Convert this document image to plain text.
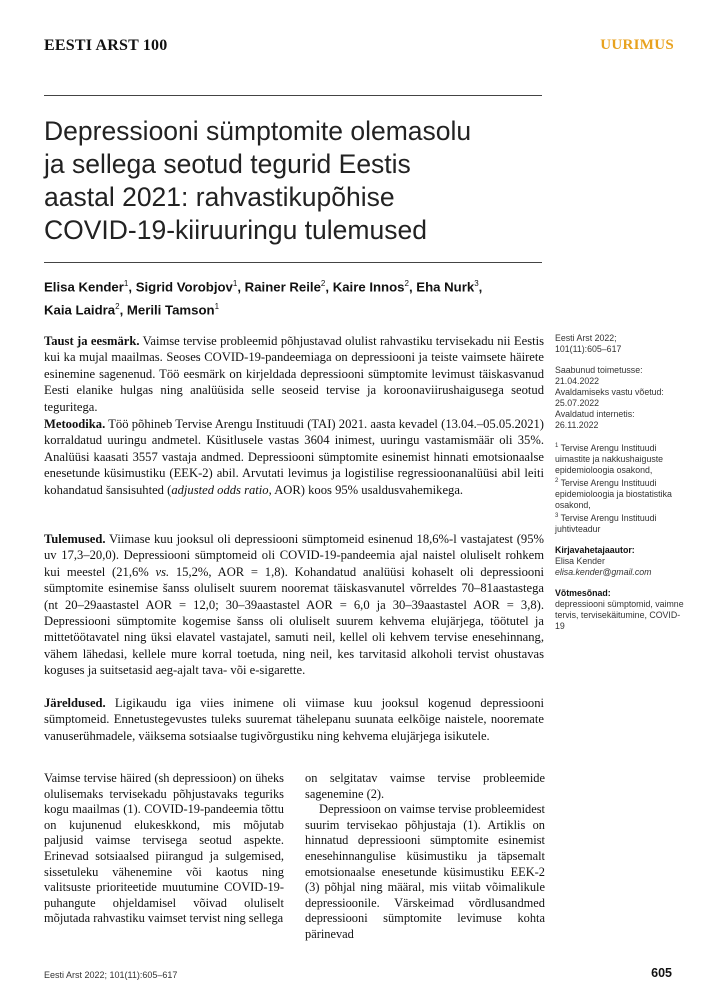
EESTI ARST 100	UURIMUS
Depressiooni sümptomite olemasolu
ja sellega seotud tegurid Eestis
aastal 2021: rahvastikupõhise
COVID-19-kiiruuringu tulemused
Elisa Kender$^1$, Sigrid Vorobjov$^1$, Rainer Reile$^2$, Kaire Innos$^2$, Eha Nurk$^3$,
Kaia Laidra$^2$, Merili Tamson$^1$
Taust ja eesmärk. Vaimse tervise probleemid põhjustavad olulist rahvastiku tervisekadu nii Eestis kui ka mujal maailmas. Seoses COVID-19-pandeemiaga on depressiooni ja teiste vaimsete häirete esinemine sagenenud. Töö eesmärk on kirjeldada depressiooni sümptomite levimust täiskasvanud Eesti elanike hulgas ning analüüsida selle seoseid tervise ja koroonaviirushaigusega seotud teguritega.
Metoodika. Töö põhineb Tervise Arengu Instituudi (TAI) 2021. aasta kevadel (13.04.–05.05.2021) korraldatud uuringu andmetel. Küsitlusele vastas 3604 inimest, uuringu vastamismäär oli 35%. Analüüsi kaasati 3557 vastaja andmed. Depressiooni sümptomite esinemist hinnati emotsionaalse enesetunde küsimustiku (EEK-2) abil. Arvutati levimus ja logistilise regressioonanalüüsi abil leiti kohandatud šansisuhted (adjusted odds ratio, AOR) koos 95% usaldusvahemikega.
Tulemused. Viimase kuu jooksul oli depressiooni sümptomeid esinenud 18,6%-l vastajatest (95% uv 17,3–20,0). Depressiooni sümptomeid oli COVID-19-pandeemia ajal naistel oluliselt rohkem kui meestel (21,6% vs. 15,2%, AOR = 1,8). Kohandatud analüüsi kohaselt oli depressiooni sümptomite esinemise šanss oluliselt suurem nooremat täiskasvanutel võrreldes 70–81aastastega (nt 20–29aastastel AOR = 12,0; 30–39aastastel AOR = 6,0 ja 30–39aastastel AOR = 3,8). Depressiooni sümptomite kogemise šanss oli oluliselt suurem kehvema elujärjega, töötutel ja mittetöötavatel ning üksi elavatel vastajatel, samuti neil, kellel oli kehvem tervise enesehinnang, vähem lähedasi, kellele mure korral toetuda, ning neil, kes tarvitasid alkoholi tervist ohustavas koguses ja suitsetasid aeg-ajalt tava- või e-sigarette.
Järeldused. Ligikaudu iga viies inimene oli viimase kuu jooksul kogenud depressiooni sümptomeid. Ennetustegevustes tuleks suuremat tähelepanu suunata eelkõige naistele, nooremate vanuserühmadele, väiksema sotsiaalse tugivõrgustiku ning kehvema elujärjega isikutele.
Vaimse tervise häired (sh depressioon) on üheks olulisemaks tervisekadu põhjustavaks teguriks kogu maailmas (1). COVID-19-pandeemia tõttu on kujunenud elukeskkond, mis mõjutab paljusid vaimse tervisega seotud aspekte. Erinevad sotsiaalsed piirangud ja sulgemised, sissetuleku vähenemine või kaotus ning valitsuste prioriteetide muutumine COVID-19-puhangute ohjeldamisel võivad oluliselt mõjutada rahvastiku vaimset tervist ning sellega

on selgitatav vaimse tervise probleemide sagenemine (2).

Depressioon on vaimse tervise probleemidest suurim tervisekao põhjustaja (1). Artiklis on hinnatud depressiooni sümptomite esinemist enesehinnangulise küsimustiku ja täpsemalt emotsionaalse enesetunde küsimustiku EEK-2 (3) põhjal ning määral, mis viitab võimalikule depressioonile. Värskeimad võrdlusandmed depressiooni sümptomite levimuse kohta pärinevad

Eesti Arst 2022;
101(11):605–617
Saabunud toimetusse:
21.04.2022
Avaldamiseks vastu võetud:
25.07.2022
Avaldatud internetis:
26.11.2022
$^1$ Tervise Arengu Instituudi uimastite ja nakkushaiguste epidemioloogia osakond,
$^2$ Tervise Arengu Instituudi epidemioloogia ja biostatistika osakond,
$^3$ Tervise Arengu Instituudi juhtivteadur
Kirjavahetajaautor:
Elisa Kender
elisa.kender@gmail.com
Võtmesõnad:
depressiooni sümptomid, vaimne tervis, tervisekäitumine, COVID-19
Eesti Arst 2022; 101(11):605–617	605
